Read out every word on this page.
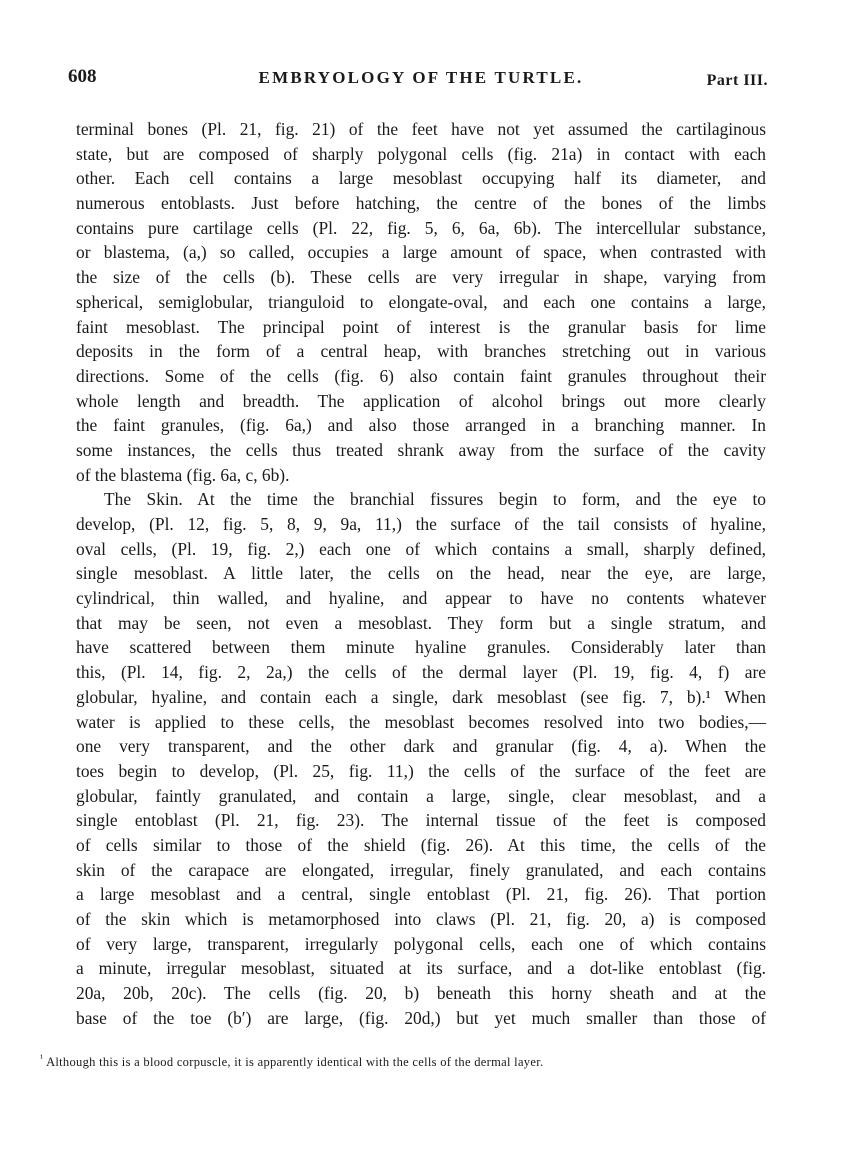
608	EMBRYOLOGY OF THE TURTLE.	Part III.
terminal bones (Pl. 21, fig. 21) of the feet have not yet assumed the cartilaginous
state, but are composed of sharply polygonal cells (fig. 21a) in contact with each
other. Each cell contains a large mesoblast occupying half its diameter, and
numerous entoblasts. Just before hatching, the centre of the bones of the limbs
contains pure cartilage cells (Pl. 22, fig. 5, 6, 6a, 6b). The intercellular substance,
or blastema, (a,) so called, occupies a large amount of space, when contrasted with
the size of the cells (b). These cells are very irregular in shape, varying from
spherical, semiglobular, trianguloid to elongate-oval, and each one contains a large,
faint mesoblast. The principal point of interest is the granular basis for lime
deposits in the form of a central heap, with branches stretching out in various
directions. Some of the cells (fig. 6) also contain faint granules throughout their
whole length and breadth. The application of alcohol brings out more clearly
the faint granules, (fig. 6a,) and also those arranged in a branching manner. In
some instances, the cells thus treated shrank away from the surface of the cavity
of the blastema (fig. 6a, c, 6b).
The Skin. At the time the branchial fissures begin to form, and the eye to
develop, (Pl. 12, fig. 5, 8, 9, 9a, 11,) the surface of the tail consists of hyaline,
oval cells, (Pl. 19, fig. 2,) each one of which contains a small, sharply defined,
single mesoblast. A little later, the cells on the head, near the eye, are large,
cylindrical, thin walled, and hyaline, and appear to have no contents whatever
that may be seen, not even a mesoblast. They form but a single stratum, and
have scattered between them minute hyaline granules. Considerably later than
this, (Pl. 14, fig. 2, 2a,) the cells of the dermal layer (Pl. 19, fig. 4, f) are
globular, hyaline, and contain each a single, dark mesoblast (see fig. 7, b).¹ When
water is applied to these cells, the mesoblast becomes resolved into two bodies,—
one very transparent, and the other dark and granular (fig. 4, a). When the
toes begin to develop, (Pl. 25, fig. 11,) the cells of the surface of the feet are
globular, faintly granulated, and contain a large, single, clear mesoblast, and a
single entoblast (Pl. 21, fig. 23). The internal tissue of the feet is composed
of cells similar to those of the shield (fig. 26). At this time, the cells of the
skin of the carapace are elongated, irregular, finely granulated, and each contains
a large mesoblast and a central, single entoblast (Pl. 21, fig. 26). That portion
of the skin which is metamorphosed into claws (Pl. 21, fig. 20, a) is composed
of very large, transparent, irregularly polygonal cells, each one of which contains
a minute, irregular mesoblast, situated at its surface, and a dot-like entoblast (fig.
20a, 20b, 20c). The cells (fig. 20, b) beneath this horny sheath and at the
base of the toe (b′) are large, (fig. 20d,) but yet much smaller than those of
$^{^1}$ Although this is a blood corpuscle, it is apparently identical with the cells of the dermal layer.
